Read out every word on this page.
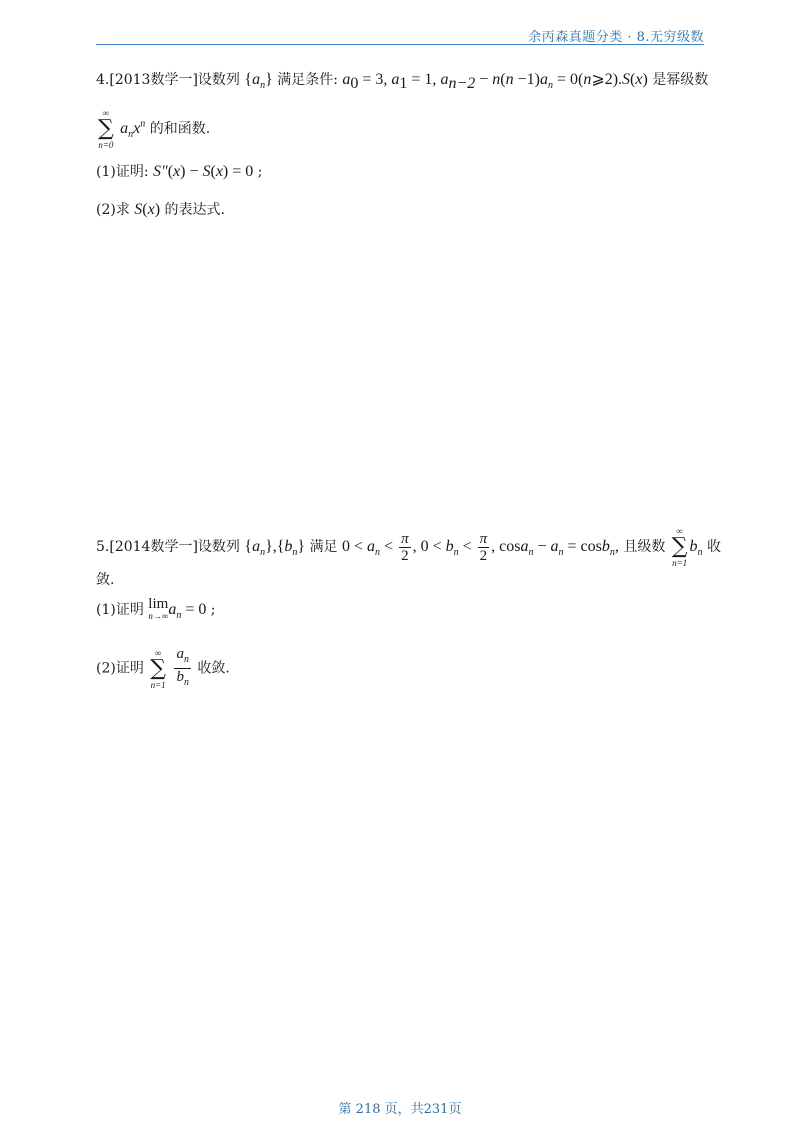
余丙森真题分类 · 8.无穷级数
4.[2013数学一]设数列 $\{a_n\}$ 满足条件: $a_0 = 3$, $a_1 = 1$, $a_{n-2} - n(n -1)a_n$ = 0(n⩾2).S(x) 是幂级数
∞
∑
n=0
$a_nx^n$ 的和函数.
(1)证明: S″(x) − S(x) = 0 ;
(2)求 S(x) 的表达式.
5.[2014数学一]设数列 $\{a_n\},\{b_n\}$ 满足 $0 < a_n < \frac{\pi}{2}$ , $0 < b_n < \frac{\pi}{2}$ , $\cos a_n - a_n = \cos b_n$, 且级数
∞
∑
n=1
$b_n$ 收
敛.
(1)证明 lim
n→∞ $a_n = 0$ ;
(2)证明
∞
∑
n=1
$\frac{a_n}{b_n}$ 收敛.
第 218 页，共231页
